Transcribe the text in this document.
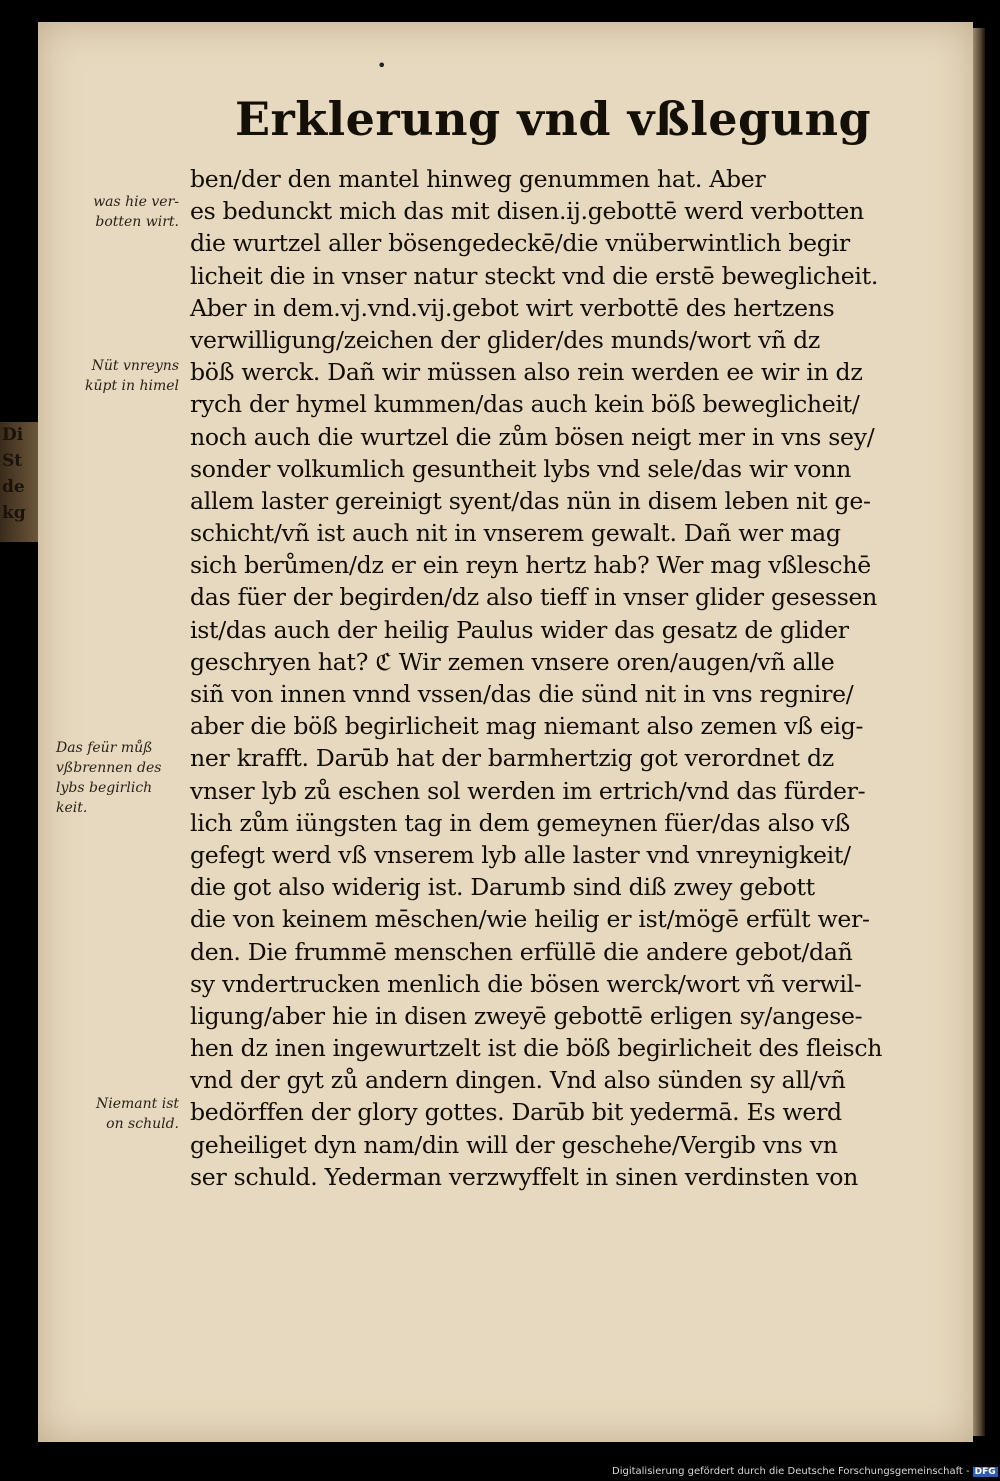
Di
St
de
kg
•
Erklerung vnd vßlegung
ben/der den mantel hinweg genummen hat. Aber
es bedunckt mich das mit disen.ij.gebottē werd verbotten
die wurtzel aller bösengedeckē/die vnüberwintlich begir
licheit die in vnser natur steckt vnd die erstē beweglicheit.
Aber in dem.vj.vnd.vij.gebot wirt verbottē des hertzens
verwilligung/zeichen der glider/des munds/wort vñ dz
böß werck. Dañ wir müssen also rein werden ee wir in dz
rych der hymel kummen/das auch kein böß beweglicheit/
noch auch die wurtzel die zům bösen neigt mer in vns sey/
sonder volkumlich gesuntheit lybs vnd sele/das wir vonn
allem laster gereinigt syent/das nün in disem leben nit ge-
schicht/vñ ist auch nit in vnserem gewalt. Dañ wer mag
sich berůmen/dz er ein reyn hertz hab? Wer mag vßleschē
das füer der begirden/dz also tieff in vnser glider gesessen
ist/das auch der heilig Paulus wider das gesatz de glider
geschryen hat? ℭ Wir zemen vnsere oren/augen/vñ alle
siñ von innen vnnd vssen/das die sünd nit in vns regnire/
aber die böß begirlicheit mag niemant also zemen vß eig-
ner krafft. Darūb hat der barmhertzig got verordnet dz
vnser lyb zů eschen sol werden im ertrich/vnd das fürder-
lich zům iüngsten tag in dem gemeynen füer/das also vß
gefegt werd vß vnserem lyb alle laster vnd vnreynigkeit/
die got also widerig ist. Darumb sind diß zwey gebott
die von keinem mēschen/wie heilig er ist/mögē erfült wer-
den. Die frummē menschen erfüllē die andere gebot/dañ
sy vndertrucken menlich die bösen werck/wort vñ verwil-
ligung/aber hie in disen zweyē gebottē erligen sy/angese-
hen dz inen ingewurtzelt ist die böß begirlicheit des fleisch
vnd der gyt zů andern dingen. Vnd also sünden sy all/vñ
bedörffen der glory gottes. Darūb bit yedermā. Es werd
geheiliget dyn nam/din will der geschehe/Vergib vns vn
ser schuld. Yederman verzwyffelt in sinen verdinsten von
was hie ver-
botten wirt.
Nüt vnreyns
kūpt in himel
Das feür můß
vßbrennen des
lybs begirlich
keit.
Niemant ist
on schuld.
Digitalisierung gefördert durch die Deutsche Forschungsgemeinschaft - DFG
